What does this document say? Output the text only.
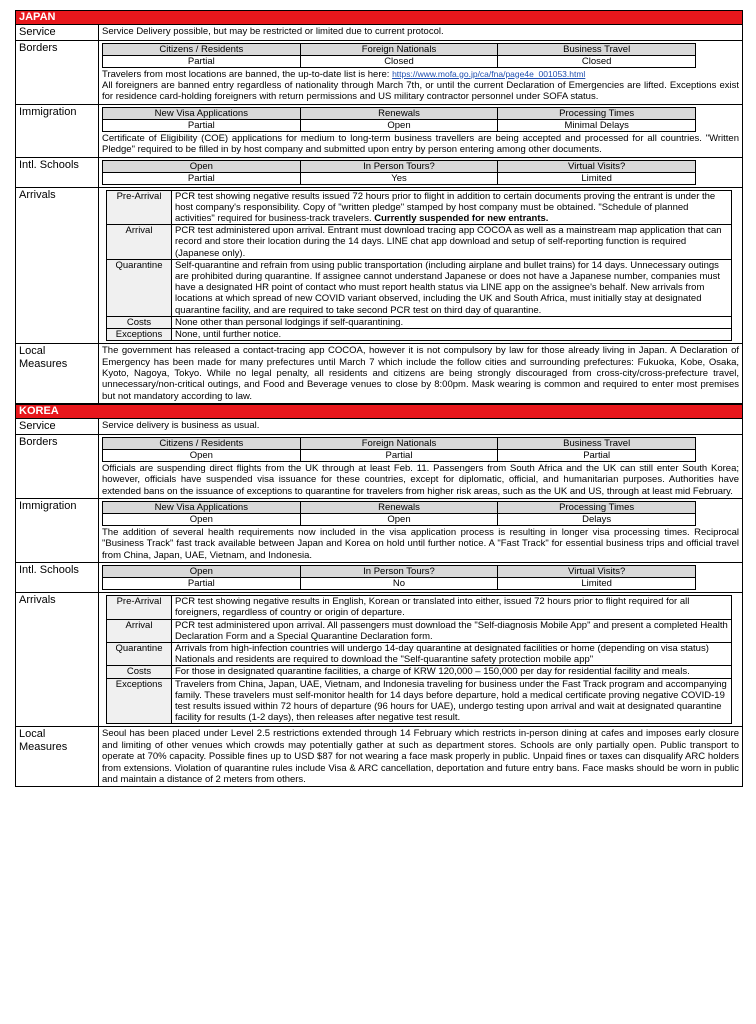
JAPAN
Service	Service Delivery possible, but may be restricted or limited due to current protocol.
Borders		Citizens / Residents	Foreign Nationals	Business Travel
Partial	Closed	Closed
Travelers from most locations are banned, the up-to-date list is here: https://www.mofa.go.jp/ca/fna/page4e_001053.html
All foreigners are banned entry regardless of nationality through March 7th, or until the current Declaration of Emergencies are lifted. Exceptions exist for residence card-holding foreigners with return permissions and US military contractor personnel under SOFA status.

Immigration		New Visa Applications	Renewals	Processing Times
Partial	Open	Minimal Delays
Certificate of Eligibility (COE) applications for medium to long-term business travellers are being accepted and processed for all countries. "Written Pledge" required to be filled in by host company and submitted upon entry by person entering among other documents.

Intl. Schools		Open	In Person Tours?	Virtual Visits?
Partial	Yes	Limited

Arrivals		Pre-Arrival	PCR test showing negative results issued 72 hours prior to flight in addition to certain documents proving the entrant is under the host company's responsibility. Copy of "written pledge" stamped by host company must be obtained. "Schedule of planned activities" required for business-track travelers. Currently suspended for new entrants.
Arrival	PCR test administered upon arrival. Entrant must download tracing app COCOA as well as a mainstream map application that can record and store their location during the 14 days. LINE chat app download and setup of self-reporting function is required (Japanese only).
Quarantine	Self-quarantine and refrain from using public transportation (including airplane and bullet trains) for 14 days. Unnecessary outings are prohibited during quarantine. If assignee cannot understand Japanese or does not have a Japanese number, companies must have a designated HR point of contact who must report health status via LINE app on the assignee's behalf. New arrivals from locations at which spread of new COVID variant observed, including the UK and South Africa, must initially stay at designated quarantine facility, and are required to take second PCR test on third day of quarantine.
Costs	None other than personal lodgings if self-quarantining.
Exceptions	None, until further notice.

Local Measures	The government has released a contact-tracing app COCOA, however it is not compulsory by law for those already living in Japan. A Declaration of Emergency has been made for many prefectures until March 7 which include the follow cities and surrounding prefectures: Fukuoka, Kobe, Osaka, Kyoto, Nagoya, Tokyo. While no legal penalty, all residents and citizens are being strongly discouraged from cross-city/cross-prefecture travel, unnecessary/non-critical outings, and Food and Beverage venues to close by 8:00pm. Mask wearing is common and required to enter most premises but not mandatory according to law.
KOREA
Service	Service delivery is business as usual.
Borders		Citizens / Residents	Foreign Nationals	Business Travel
Open	Partial	Partial
Officials are suspending direct flights from the UK through at least Feb. 11. Passengers from South Africa and the UK can still enter South Korea; however, officials have suspended visa issuance for these countries, except for diplomatic, official, and humanitarian purposes. Authorities have extended bans on the issuance of exceptions to quarantine for travelers from higher risk areas, such as the UK and US, through at least mid February.

Immigration		New Visa Applications	Renewals	Processing Times
Open	Open	Delays
The addition of several health requirements now included in the visa application process is resulting in longer visa processing times. Reciprocal "Business Track" fast track available between Japan and Korea on hold until further notice. A "Fast Track" for essential business trips and official travel from China, Japan, UAE, Vietnam, and Indonesia.

Intl. Schools		Open	In Person Tours?	Virtual Visits?
Partial	No	Limited

Arrivals		Pre-Arrival	PCR test showing negative results in English, Korean or translated into either, issued 72 hours prior to flight required for all foreigners, regardless of country or origin of departure.
Arrival	PCR test administered upon arrival. All passengers must download the "Self-diagnosis Mobile App" and present a completed Health Declaration Form and a Special Quarantine Declaration form.
Quarantine	Arrivals from high-infection countries will undergo 14-day quarantine at designated facilities or home (depending on visa status) Nationals and residents are required to download the "Self-quarantine safety protection mobile app"
Costs	For those in designated quarantine facilities, a charge of KRW 120,000 – 150,000 per day for residential facility and meals.
Exceptions	Travelers from China, Japan, UAE, Vietnam, and Indonesia traveling for business under the Fast Track program and accompanying family. These travelers must self-monitor health for 14 days before departure, hold a medical certificate proving negative COVID-19 test results issued within 72 hours of departure (96 hours for UAE), undergo testing upon arrival and wait at designated quarantine facility for results (1-2 days), then releases after negative test result.

Local Measures	Seoul has been placed under Level 2.5 restrictions extended through 14 February which restricts in-person dining at cafes and imposes early closure and limiting of other venues which crowds may potentially gather at such as department stores. Schools are only partially open. Public transport to operate at 70% capacity. Possible fines up to USD $87 for not wearing a face mask properly in public. Unpaid fines or taxes can disqualify ARC holders from extensions. Violation of quarantine rules include Visa & ARC cancellation, deportation and future entry bans. Face masks should be worn in public and maintain a distance of 2 meters from others.
